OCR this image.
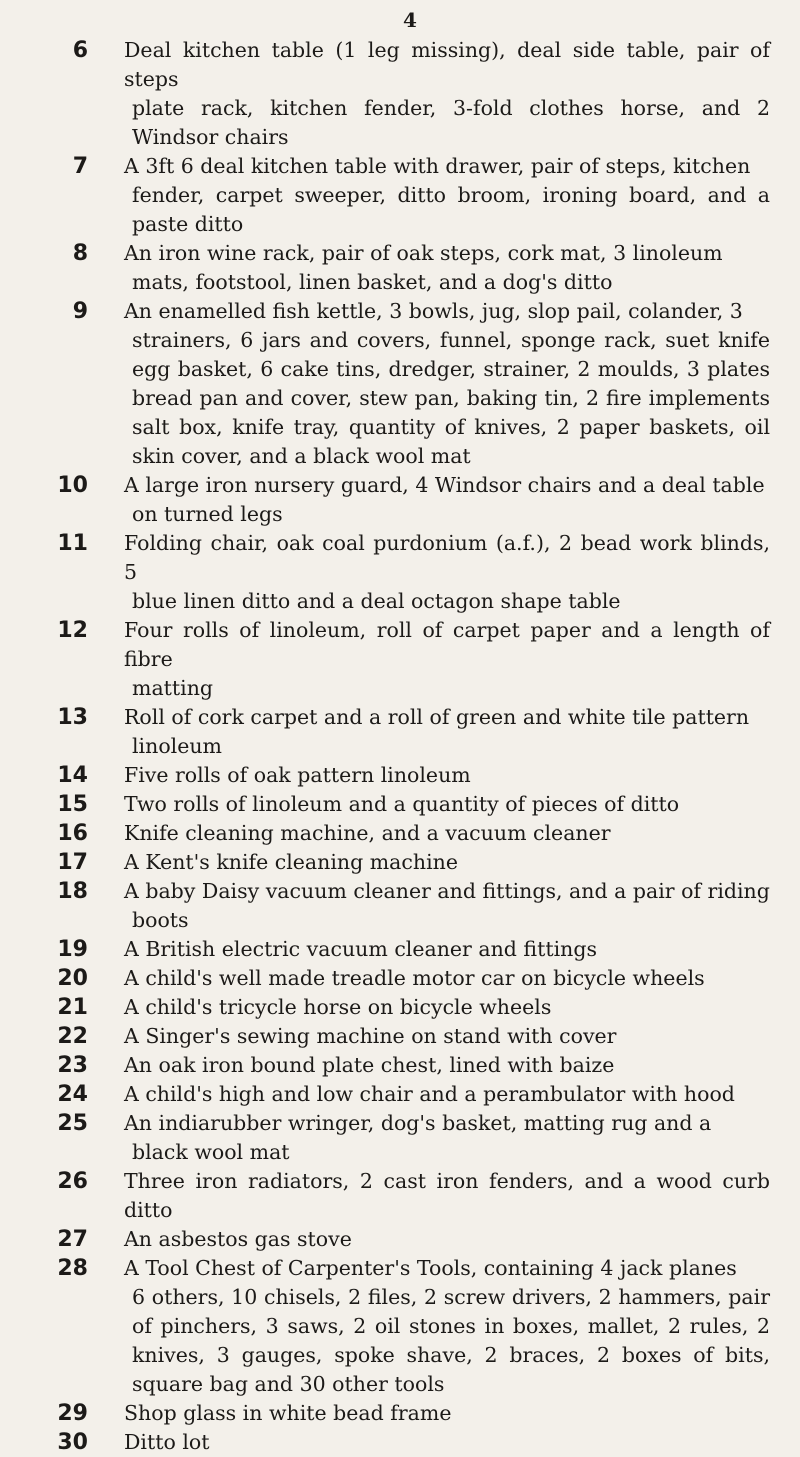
4
6 Deal kitchen table (1 leg missing), deal side table, pair of steps
plate rack, kitchen fender, 3-fold clothes horse, and 2 Windsor chairs
7 A 3ft 6 deal kitchen table with drawer, pair of steps, kitchen
fender, carpet sweeper, ditto broom, ironing board, and a paste ditto
8 An iron wine rack, pair of oak steps, cork mat, 3 linoleum
mats, footstool, linen basket, and a dog's ditto
9 An enamelled fish kettle, 3 bowls, jug, slop pail, colander, 3
strainers, 6 jars and covers, funnel, sponge rack, suet knife egg basket, 6 cake tins, dredger, strainer, 2 moulds, 3 plates bread pan and cover, stew pan, baking tin, 2 fire implements salt box, knife tray, quantity of knives, 2 paper baskets, oil skin cover, and a black wool mat
10 A large iron nursery guard, 4 Windsor chairs and a deal table
on turned legs
11 Folding chair, oak coal purdonium (a.f.), 2 bead work blinds, 5
blue linen ditto and a deal octagon shape table
12 Four rolls of linoleum, roll of carpet paper and a length of fibre
matting
13 Roll of cork carpet and a roll of green and white tile pattern
linoleum
14 Five rolls of oak pattern linoleum
15 Two rolls of linoleum and a quantity of pieces of ditto
16 Knife cleaning machine, and a vacuum cleaner
17 A Kent's knife cleaning machine
18 A baby Daisy vacuum cleaner and fittings, and a pair of riding
boots
19 A British electric vacuum cleaner and fittings
20 A child's well made treadle motor car on bicycle wheels
21 A child's tricycle horse on bicycle wheels
22 A Singer's sewing machine on stand with cover
23 An oak iron bound plate chest, lined with baize
24 A child's high and low chair and a perambulator with hood
25 An indiarubber wringer, dog's basket, matting rug and a
black wool mat
26 Three iron radiators, 2 cast iron fenders, and a wood curb ditto
27 An asbestos gas stove
28 A Tool Chest of Carpenter's Tools, containing 4 jack planes
6 others, 10 chisels, 2 files, 2 screw drivers, 2 hammers, pair of pinchers, 3 saws, 2 oil stones in boxes, mallet, 2 rules, 2 knives, 3 gauges, spoke shave, 2 braces, 2 boxes of bits, square bag and 30 other tools
29 Shop glass in white bead frame
30 Ditto lot
